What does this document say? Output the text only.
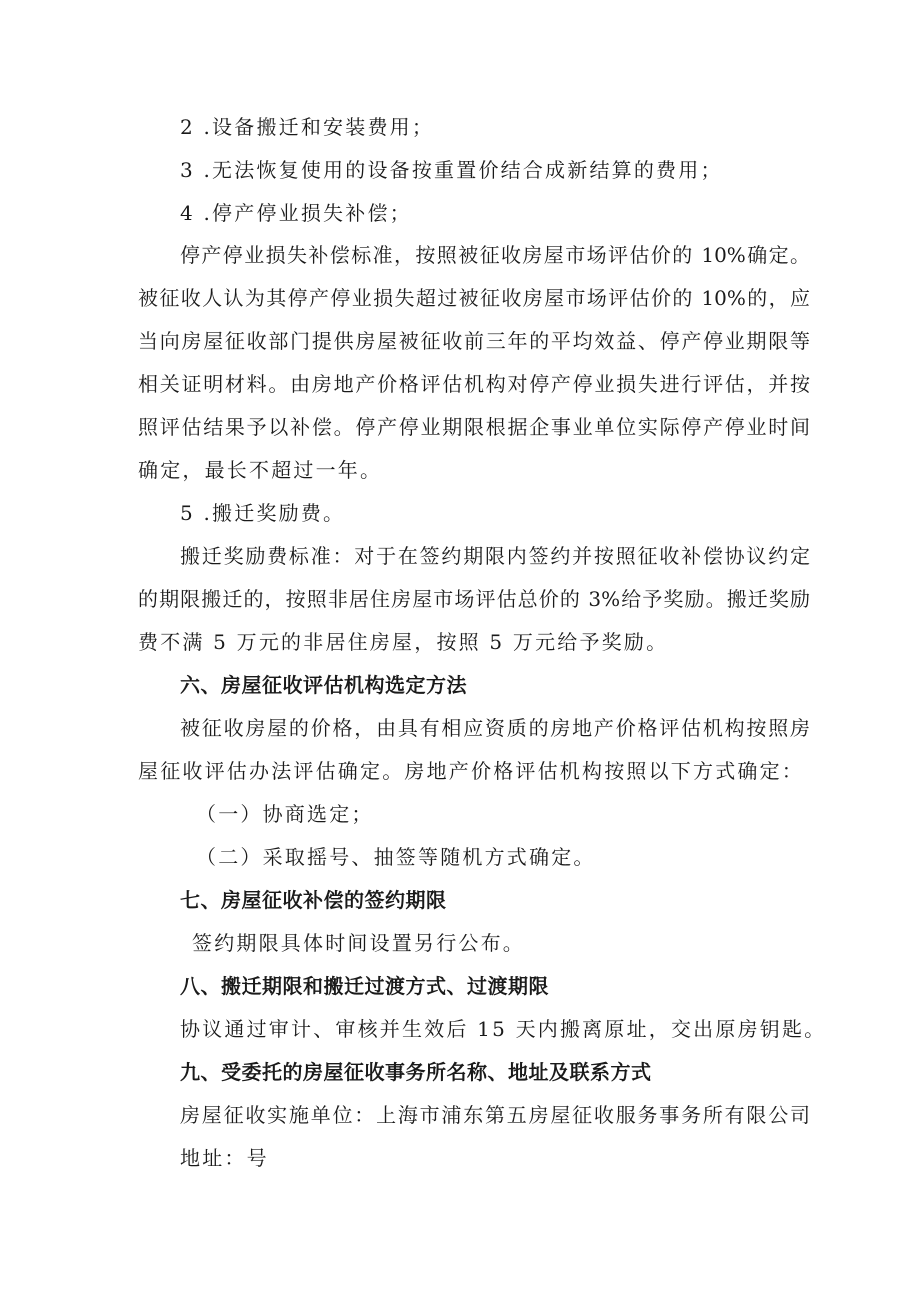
2 .设备搬迁和安装费用；
3 .无法恢复使用的设备按重置价结合成新结算的费用；
4 .停产停业损失补偿；
停产停业损失补偿标准，按照被征收房屋市场评估价的 10%确定。
被征收人认为其停产停业损失超过被征收房屋市场评估价的 10%的，应
当向房屋征收部门提供房屋被征收前三年的平均效益、停产停业期限等
相关证明材料。由房地产价格评估机构对停产停业损失进行评估，并按
照评估结果予以补偿。停产停业期限根据企事业单位实际停产停业时间
确定，最长不超过一年。
5 .搬迁奖励费。
搬迁奖励费标准：对于在签约期限内签约并按照征收补偿协议约定
的期限搬迁的，按照非居住房屋市场评估总价的 3%给予奖励。搬迁奖励
费不满 5 万元的非居住房屋，按照 5 万元给予奖励。
六、房屋征收评估机构选定方法
被征收房屋的价格，由具有相应资质的房地产价格评估机构按照房
屋征收评估办法评估确定。房地产价格评估机构按照以下方式确定：
（一）协商选定；
（二）采取摇号、抽签等随机方式确定。
七、房屋征收补偿的签约期限
签约期限具体时间设置另行公布。
八、搬迁期限和搬迁过渡方式、过渡期限
协议通过审计、审核并生效后 15 天内搬离原址，交出原房钥匙。
九、受委托的房屋征收事务所名称、地址及联系方式
房屋征收实施单位：上海市浦东第五房屋征收服务事务所有限公司
地址：号
